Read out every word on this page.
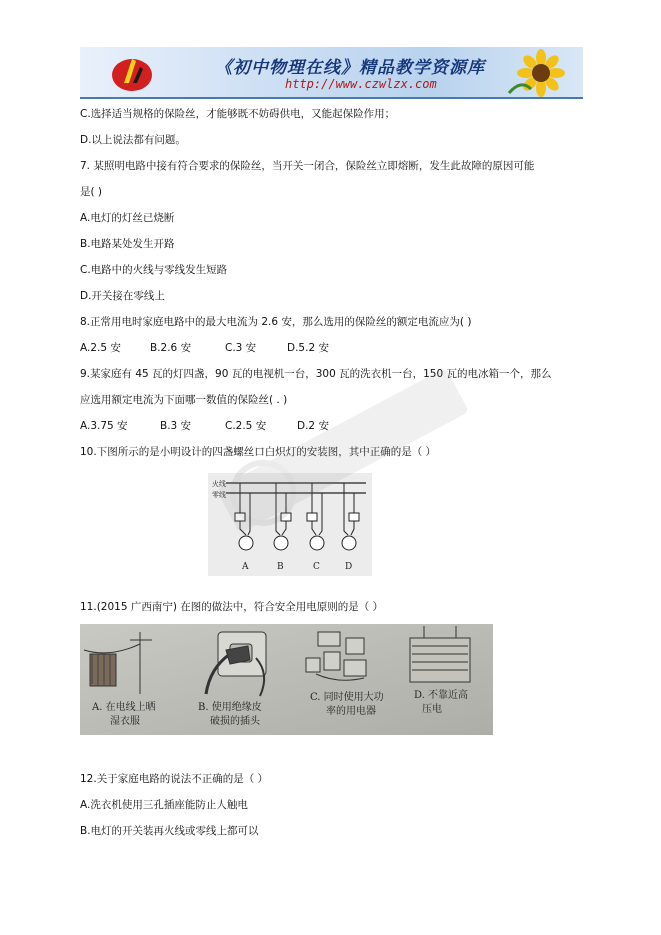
《初中物理在线》精品教学资源库
http://www.czwlzx.com
C.选择适当规格的保险丝，才能够既不妨碍供电，又能起保险作用；
D.以上说法都有问题。
7. 某照明电路中接有符合要求的保险丝，当开关一闭合，保险丝立即熔断，发生此故障的原因可能
是( )
A.电灯的灯丝已烧断
B.电路某处发生开路
C.电路中的火线与零线发生短路
D.开关接在零线上
8.正常用电时家庭电路中的最大电流为 2.6 安，那么选用的保险丝的额定电流应为( )
A.2.5 安	B.2.6 安	C.3 安	D.5.2 安
9.某家庭有 45 瓦的灯四盏，90 瓦的电视机一台，300 瓦的洗衣机一台，150 瓦的电冰箱一个，那么
应选用额定电流为下面哪一数值的保险丝( . )
A.3.75 安	B.3 安	C.2.5 安	D.2 安
10.下图所示的是小明设计的四盏螺丝口白炽灯的安装图，其中正确的是（ ）
火线
零线
A	B	C	D
11.(2015 广西南宁) 在图的做法中，符合安全用电原则的是（ ）
A. 在电线上晒
湿衣服
B. 使用绝缘皮
破损的插头
C. 同时使用大功
率的用电器
D. 不靠近高
压电
12.关于家庭电路的说法不正确的是（ ）
A.洗衣机使用三孔插座能防止人触电
B.电灯的开关装再火线或零线上都可以
